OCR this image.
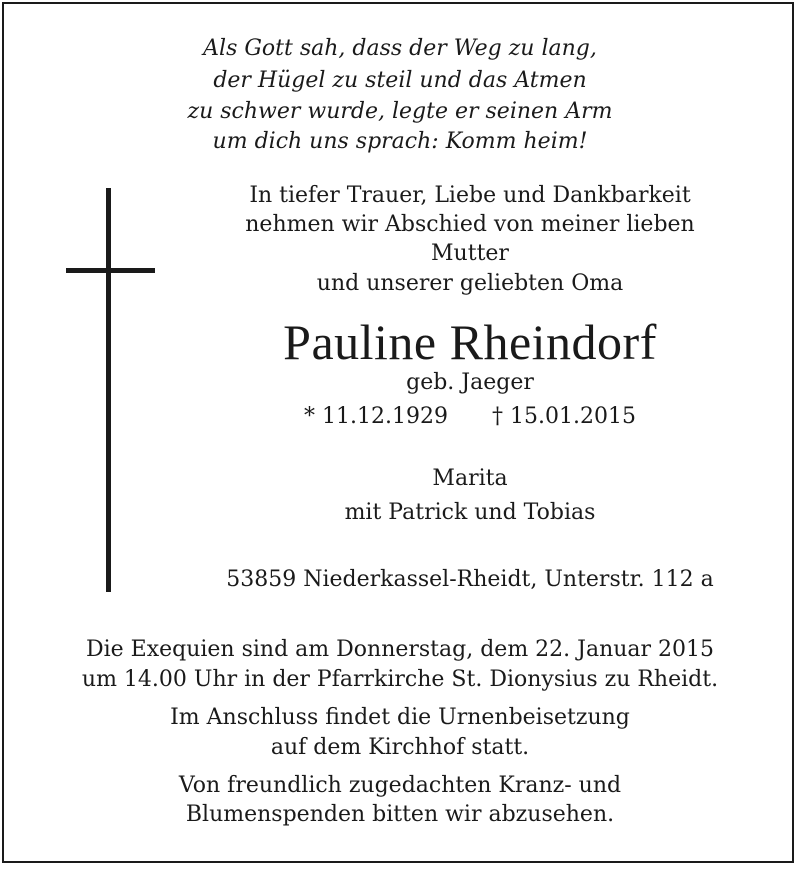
Als Gott sah, dass der Weg zu lang,

der Hügel zu steil und das Atmen

zu schwer wurde, legte er seinen Arm

um dich uns sprach: Komm heim!

In tiefer Trauer, Liebe und Dankbarkeit

nehmen wir Abschied von meiner lieben

Mutter

und unserer geliebten Oma

Pauline Rheindorf

geb. Jaeger

* 11.12.1929 † 15.01.2015

Marita

mit Patrick und Tobias

53859 Niederkassel-Rheidt, Unterstr. 112 a

Die Exequien sind am Donnerstag, dem 22. Januar 2015

um 14.00 Uhr in der Pfarrkirche St. Dionysius zu Rheidt.

Im Anschluss findet die Urnenbeisetzung

auf dem Kirchhof statt.

Von freundlich zugedachten Kranz- und

Blumenspenden bitten wir abzusehen.
